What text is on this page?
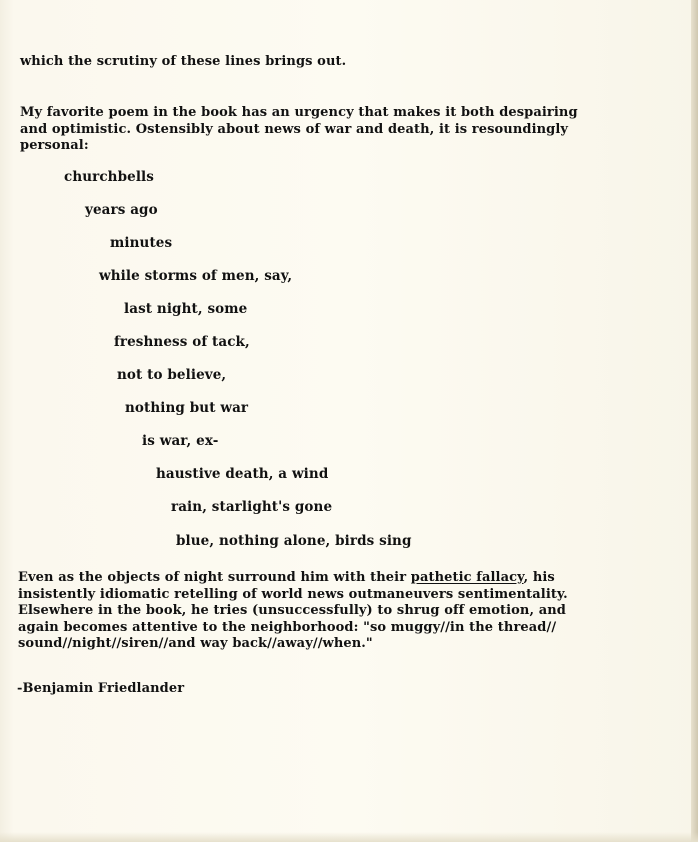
which the scrutiny of these lines brings out.
My favorite poem in the book has an urgency that makes it both despairing
and optimistic. Ostensibly about news of war and death, it is resoundingly
personal:
churchbells
years ago
minutes
while storms of men, say,
last night, some
freshness of tack,
not to believe,
nothing but war
is war, ex-
haustive death, a wind
rain, starlight's gone
blue, nothing alone, birds sing
Even as the objects of night surround him with their pathetic fallacy, his
insistently idiomatic retelling of world news outmaneuvers sentimentality.
Elsewhere in the book, he tries (unsuccessfully) to shrug off emotion, and
again becomes attentive to the neighborhood: "so muggy//in the thread//
sound//night//siren//and way back//away//when."
-Benjamin Friedlander
